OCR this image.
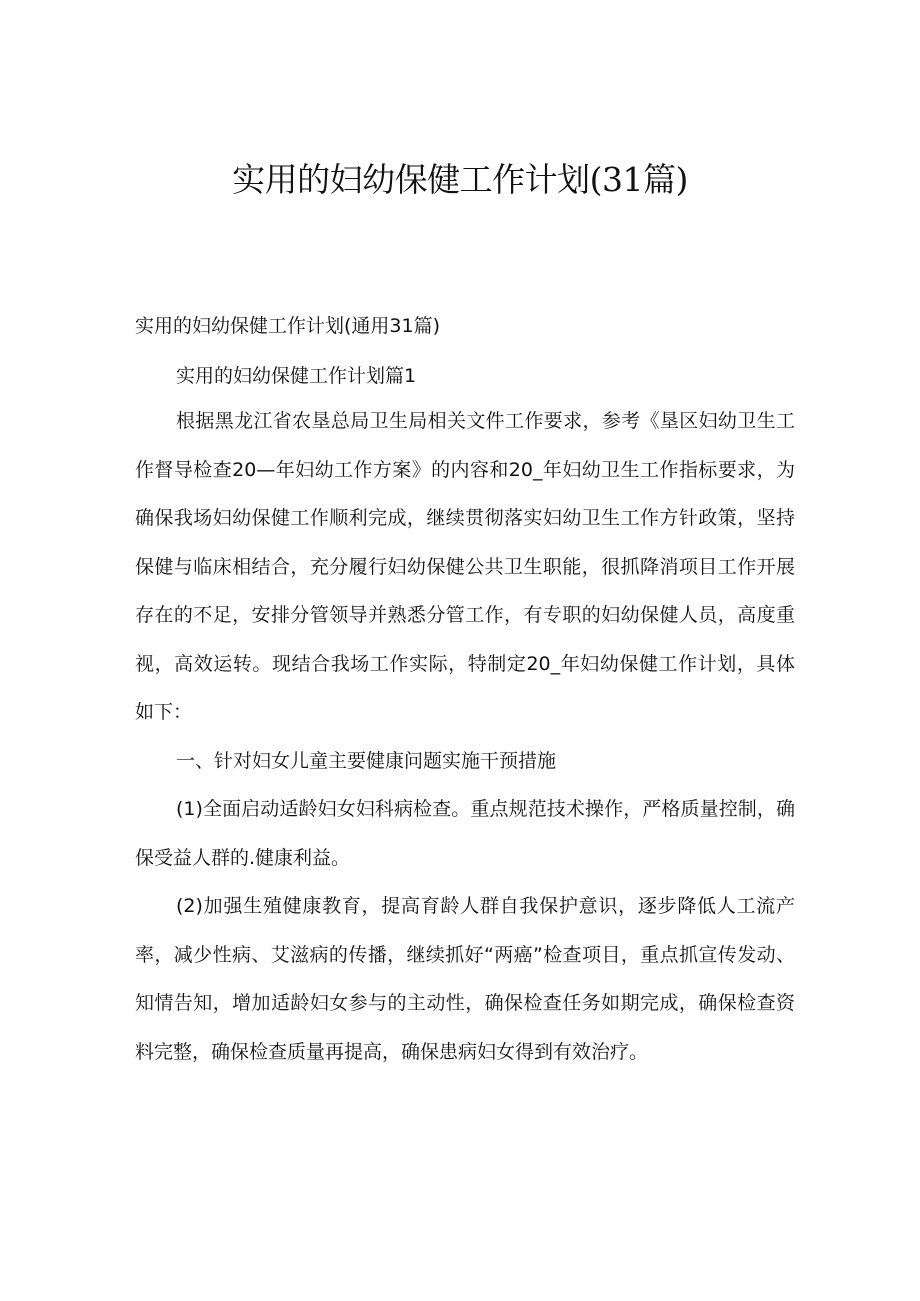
实用的妇幼保健工作计划(31篇)

实用的妇幼保健工作计划(通用31篇)

实用的妇幼保健工作计划篇1

根据黑龙江省农垦总局卫生局相关文件工作要求，参考《垦区妇幼卫生工作督导检查20—年妇幼工作方案》的内容和20_年妇幼卫生工作指标要求，为确保我场妇幼保健工作顺利完成，继续贯彻落实妇幼卫生工作方针政策，坚持保健与临床相结合，充分履行妇幼保健公共卫生职能，很抓降消项目工作开展存在的不足，安排分管领导并熟悉分管工作，有专职的妇幼保健人员，高度重视，高效运转。现结合我场工作实际，特制定20_年妇幼保健工作计划，具体如下：

一、针对妇女儿童主要健康问题实施干预措施

(1)全面启动适龄妇女妇科病检查。重点规范技术操作，严格质量控制，确保受益人群的.健康利益。

(2)加强生殖健康教育，提高育龄人群自我保护意识，逐步降低人工流产率，减少性病、艾滋病的传播，继续抓好“两癌”检查项目，重点抓宣传发动、知情告知，增加适龄妇女参与的主动性，确保检查任务如期完成，确保检查资料完整，确保检查质量再提高，确保患病妇女得到有效治疗。
